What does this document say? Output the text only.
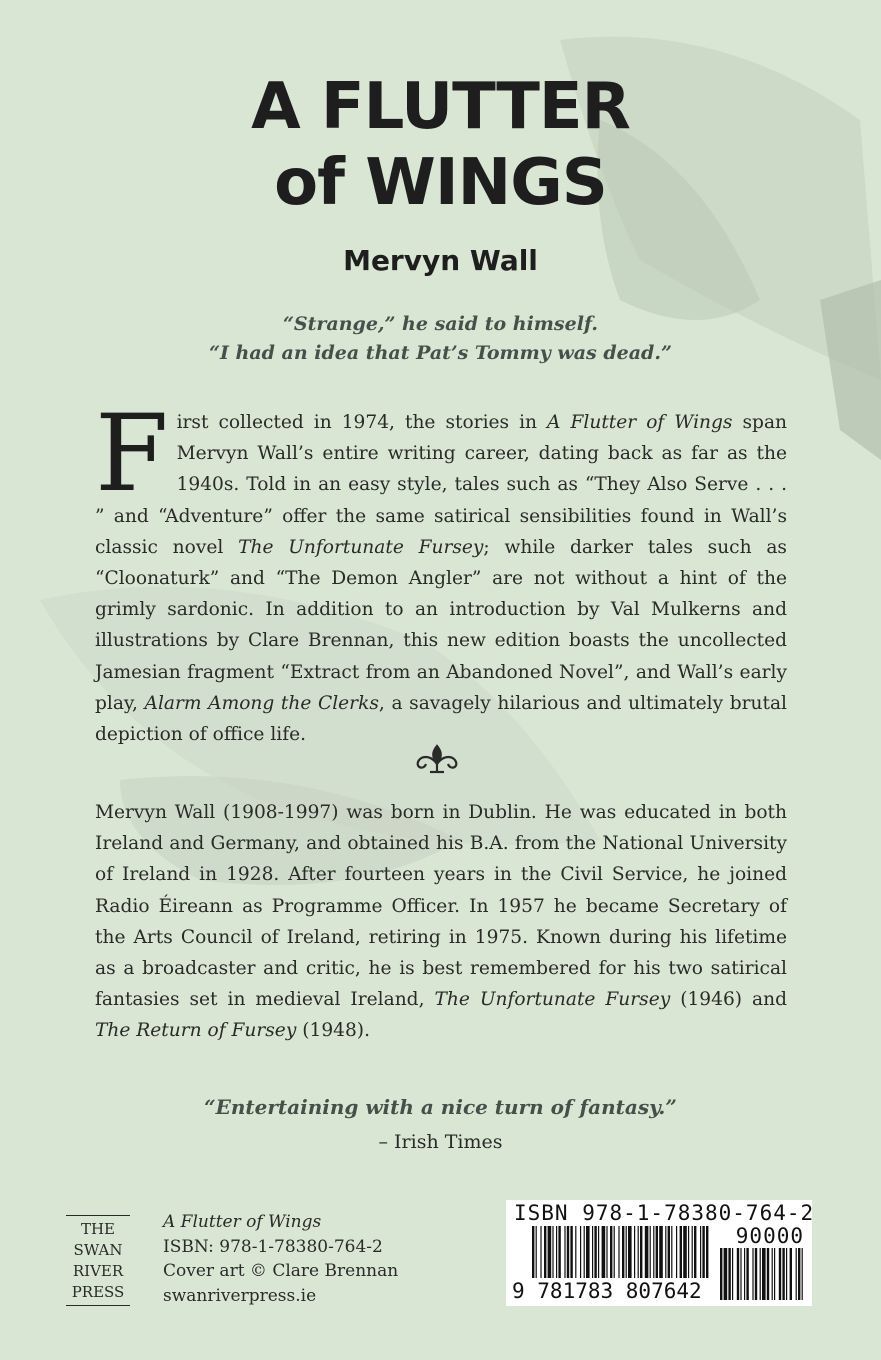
A FLUTTER
of WINGS
Mervyn Wall
“Strange,” he said to himself.
“I had an idea that Pat’s Tommy was dead.”
First collected in 1974, the stories in A Flutter of Wings span Mervyn Wall’s entire writing career, dating back as far as the 1940s. Told in an easy style, tales such as “They Also Serve . . . ” and “Adventure” offer the same satirical sensibilities found in Wall’s classic novel The Unfortunate Fursey; while darker tales such as “Cloonaturk” and “The Demon Angler” are not without a hint of the grimly sardonic. In addition to an introduction by Val Mulkerns and illustrations by Clare Brennan, this new edition boasts the uncollected Jamesian fragment “Extract from an Abandoned Novel”, and Wall’s early play, Alarm Among the Clerks, a savagely hilarious and ultimately brutal depiction of office life.
Mervyn Wall (1908-1997) was born in Dublin. He was educated in both Ireland and Germany, and obtained his B.A. from the National University of Ireland in 1928. After fourteen years in the Civil Service, he joined Radio Éireann as Programme Officer. In 1957 he became Secretary of the Arts Council of Ireland, retiring in 1975. Known during his lifetime as a broadcaster and critic, he is best remembered for his two satirical fantasies set in medieval Ireland, The Unfortunate Fursey (1946) and The Return of Fursey (1948).
“Entertaining with a nice turn of fantasy.”
– Irish Times
THE
SWAN
RIVER
PRESS
A Flutter of Wings
ISBN: 978-1-78380-764-2
Cover art © Clare Brennan
swanriverpress.ie
ISBN 978-1-78380-764-2
90000
9 781783 807642
